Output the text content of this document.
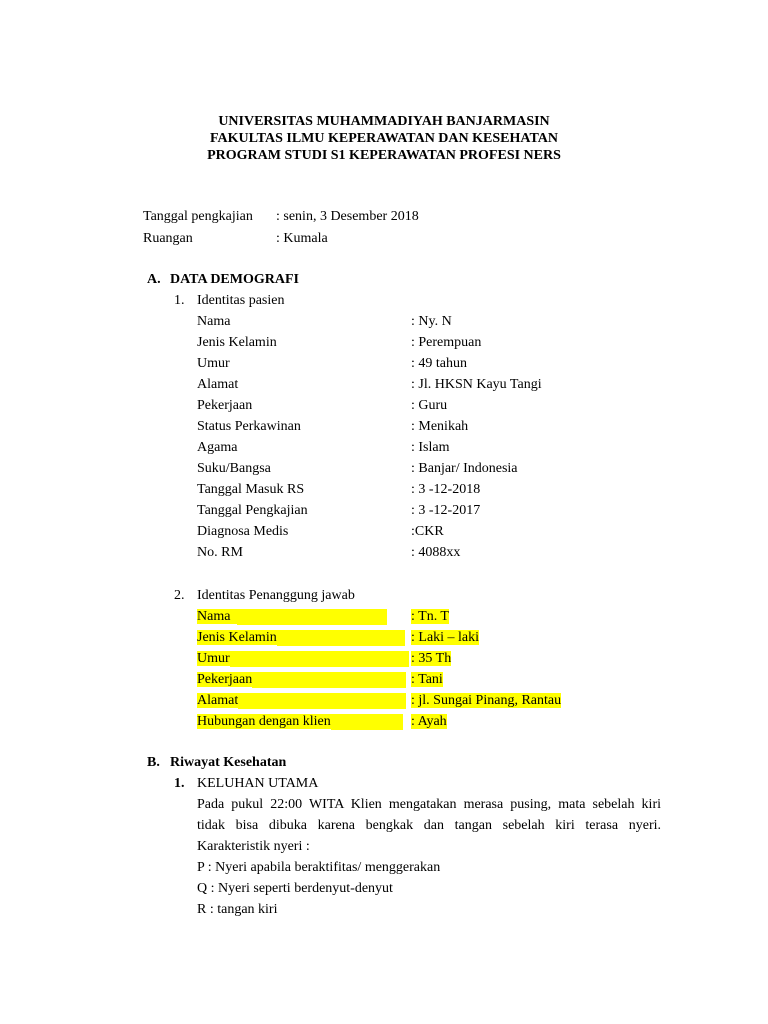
UNIVERSITAS MUHAMMADIYAH BANJARMASIN
FAKULTAS ILMU KEPERAWATAN DAN KESEHATAN
PROGRAM STUDI S1 KEPERAWATAN PROFESI NERS
Tanggal pengkajian : senin, 3 Desember 2018
Ruangan	: Kumala
A. DATA DEMOGRAFI
1. Identitas pasien
Nama	: Ny. N
Jenis Kelamin	: Perempuan
Umur	: 49 tahun
Alamat	: Jl. HKSN Kayu Tangi
Pekerjaan	: Guru
Status Perkawinan	: Menikah
Agama	: Islam
Suku/Bangsa	: Banjar/ Indonesia
Tanggal Masuk RS	: 3 -12-2018
Tanggal Pengkajian	: 3 -12-2017
Diagnosa Medis	:CKR
No. RM	: 4088xx
2. Identitas Penanggung jawab
Nama	: Tn. T
Jenis Kelamin	: Laki – laki
Umur	: 35 Th
Pekerjaan	: Tani
Alamat	: jl. Sungai Pinang, Rantau
Hubungan dengan klien	: Ayah
B. Riwayat Kesehatan
1. KELUHAN UTAMA
Pada pukul 22:00 WITA Klien mengatakan merasa pusing, mata sebelah kiri
tidak bisa dibuka karena bengkak dan tangan sebelah kiri terasa nyeri.
Karakteristik nyeri :
P : Nyeri apabila beraktifitas/ menggerakan
Q : Nyeri seperti berdenyut-denyut
R : tangan kiri
